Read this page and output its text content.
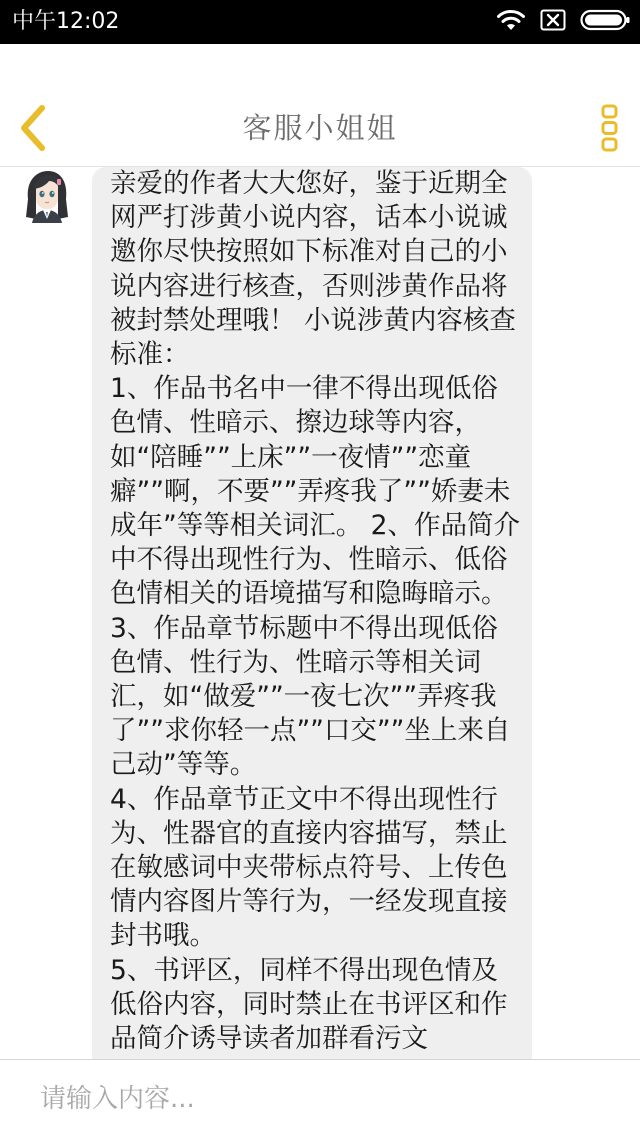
中午12:02
客服小姐姐

亲爱的作者大大您好，鉴于近期全网严打涉黄小说内容，话本小说诚邀你尽快按照如下标准对自己的小说内容进行核查，否则涉黄作品将被封禁处理哦！ 小说涉黄内容核查标准：
1、作品书名中一律不得出现低俗色情、性暗示、擦边球等内容，如“陪睡””上床””一夜情””恋童癖””啊，不要””弄疼我了””娇妻未成年”等等相关词汇。 2、作品简介中不得出现性行为、性暗示、低俗色情相关的语境描写和隐晦暗示。
3、作品章节标题中不得出现低俗色情、性行为、性暗示等相关词汇，如“做爱””一夜七次””弄疼我了””求你轻一点””口交””坐上来自己动”等等。
4、作品章节正文中不得出现性行为、性器官的直接内容描写，禁止在敏感词中夹带标点符号、上传色情内容图片等行为，一经发现直接封书哦。
5、书评区，同样不得出现色情及低俗内容，同时禁止在书评区和作品简介诱导读者加群看污文

请输入内容...
